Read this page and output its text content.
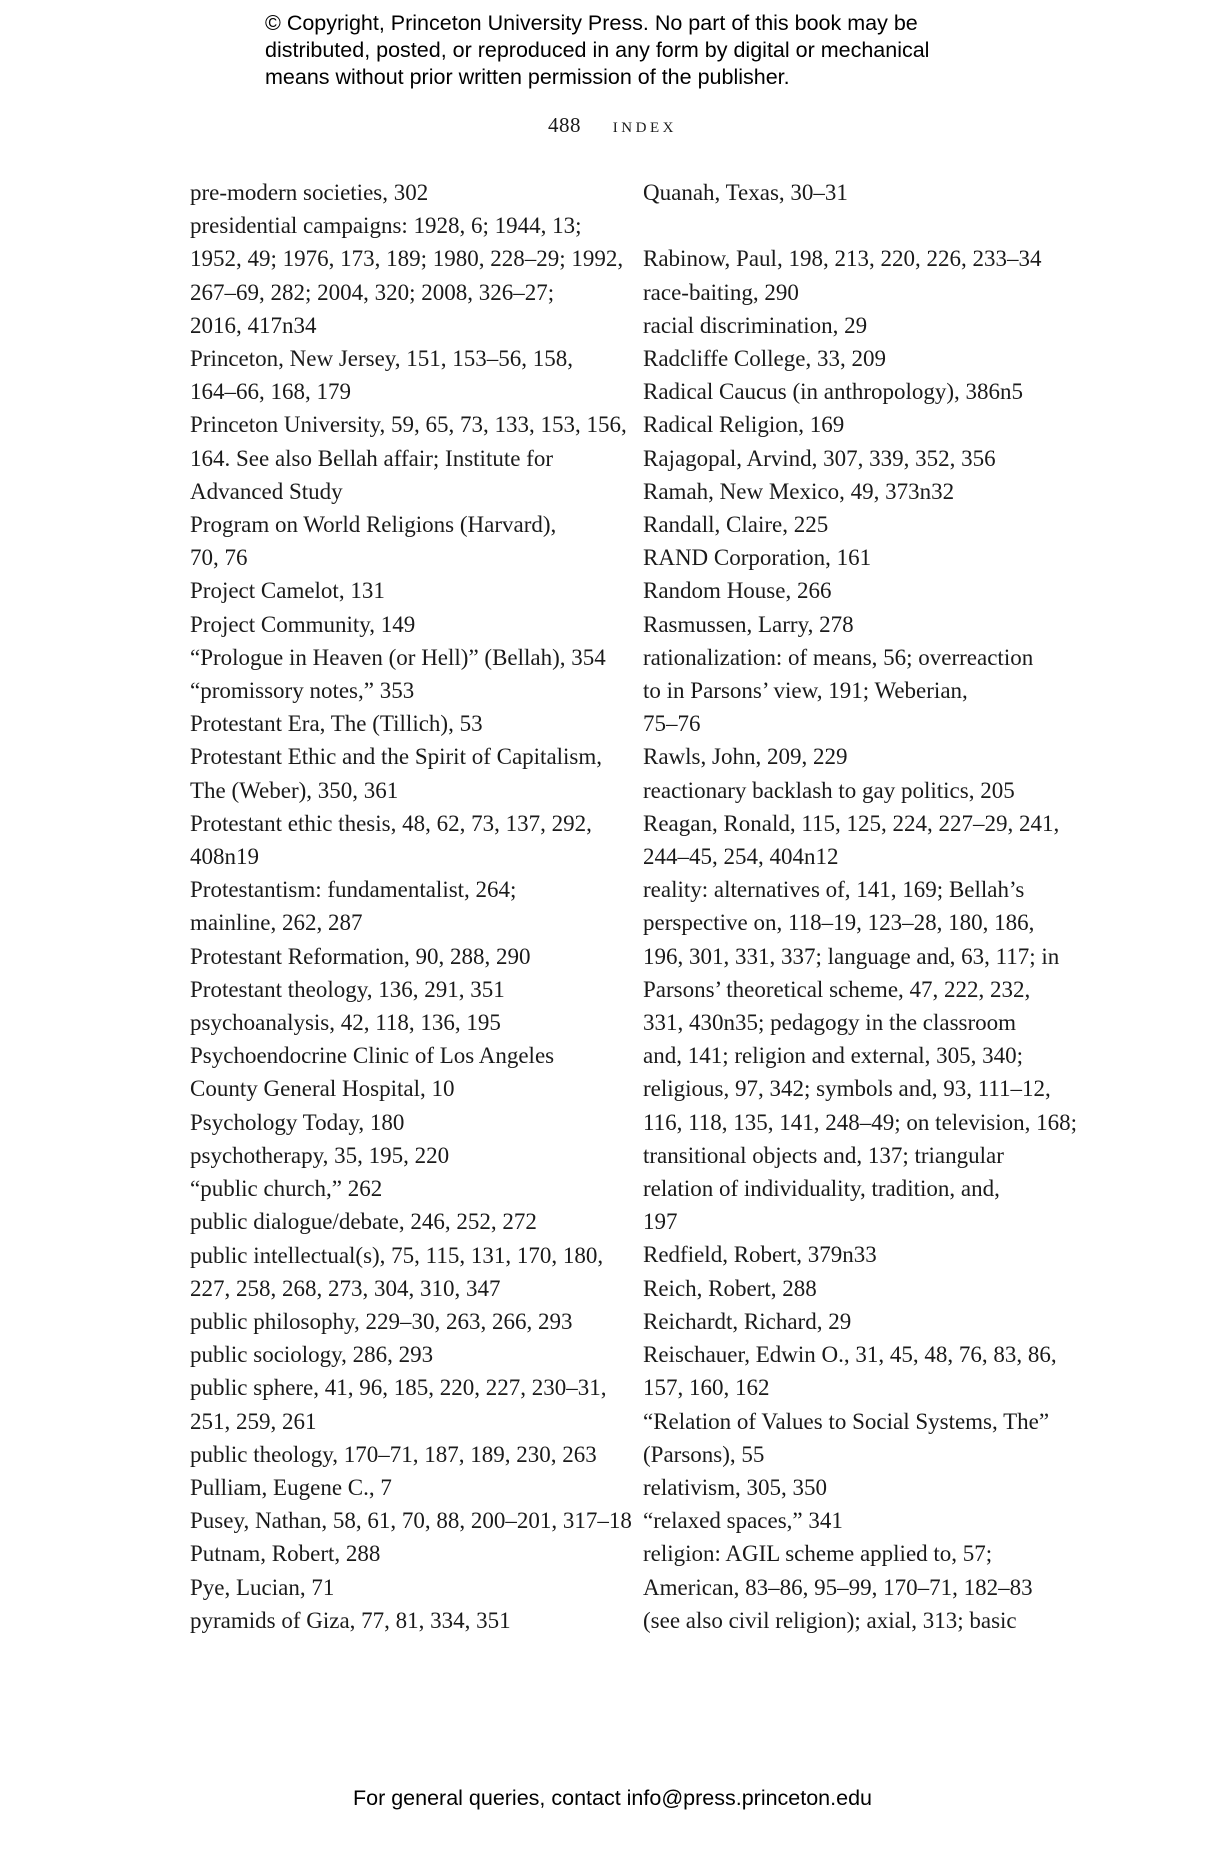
© Copyright, Princeton University Press. No part of this book may be
distributed, posted, or reproduced in any form by digital or mechanical
means without prior written permission of the publisher.
488 index
pre-modern societies, 302
presidential campaigns: 1928, 6; 1944, 13;
1952, 49; 1976, 173, 189; 1980, 228–29; 1992,
267–69, 282; 2004, 320; 2008, 326–27;
2016, 417n34
Princeton, New Jersey, 151, 153–56, 158,
164–66, 168, 179
Princeton University, 59, 65, 73, 133, 153, 156,
164. See also Bellah affair; Institute for
Advanced Study
Program on World Religions (Harvard),
70, 76
Project Camelot, 131
Project Community, 149
“Prologue in Heaven (or Hell)” (Bellah), 354
“promissory notes,” 353
Protestant Era, The (Tillich), 53
Protestant Ethic and the Spirit of Capitalism,
The (Weber), 350, 361
Protestant ethic thesis, 48, 62, 73, 137, 292,
408n19
Protestantism: fundamentalist, 264;
mainline, 262, 287
Protestant Reformation, 90, 288, 290
Protestant theology, 136, 291, 351
psychoanalysis, 42, 118, 136, 195
Psychoendocrine Clinic of Los Angeles
County General Hospital, 10
Psychology Today, 180
psychotherapy, 35, 195, 220
“public church,” 262
public dialogue/debate, 246, 252, 272
public intellectual(s), 75, 115, 131, 170, 180,
227, 258, 268, 273, 304, 310, 347
public philosophy, 229–30, 263, 266, 293
public sociology, 286, 293
public sphere, 41, 96, 185, 220, 227, 230–31,
251, 259, 261
public theology, 170–71, 187, 189, 230, 263
Pulliam, Eugene C., 7
Pusey, Nathan, 58, 61, 70, 88, 200–201, 317–18
Putnam, Robert, 288
Pye, Lucian, 71
pyramids of Giza, 77, 81, 334, 351
Quanah, Texas, 30–31
Rabinow, Paul, 198, 213, 220, 226, 233–34
race-baiting, 290
racial discrimination, 29
Radcliffe College, 33, 209
Radical Caucus (in anthropology), 386n5
Radical Religion, 169
Rajagopal, Arvind, 307, 339, 352, 356
Ramah, New Mexico, 49, 373n32
Randall, Claire, 225
RAND Corporation, 161
Random House, 266
Rasmussen, Larry, 278
rationalization: of means, 56; overreaction
to in Parsons’ view, 191; Weberian,
75–76
Rawls, John, 209, 229
reactionary backlash to gay politics, 205
Reagan, Ronald, 115, 125, 224, 227–29, 241,
244–45, 254, 404n12
reality: alternatives of, 141, 169; Bellah’s
perspective on, 118–19, 123–28, 180, 186,
196, 301, 331, 337; language and, 63, 117; in
Parsons’ theoretical scheme, 47, 222, 232,
331, 430n35; pedagogy in the classroom
and, 141; religion and external, 305, 340;
religious, 97, 342; symbols and, 93, 111–12,
116, 118, 135, 141, 248–49; on television, 168;
transitional objects and, 137; triangular
relation of individuality, tradition, and,
197
Redfield, Robert, 379n33
Reich, Robert, 288
Reichardt, Richard, 29
Reischauer, Edwin O., 31, 45, 48, 76, 83, 86,
157, 160, 162
“Relation of Values to Social Systems, The”
(Parsons), 55
relativism, 305, 350
“relaxed spaces,” 341
religion: AGIL scheme applied to, 57;
American, 83–86, 95–99, 170–71, 182–83
(see also civil religion); axial, 313; basic
For general queries, contact info@press.princeton.edu
